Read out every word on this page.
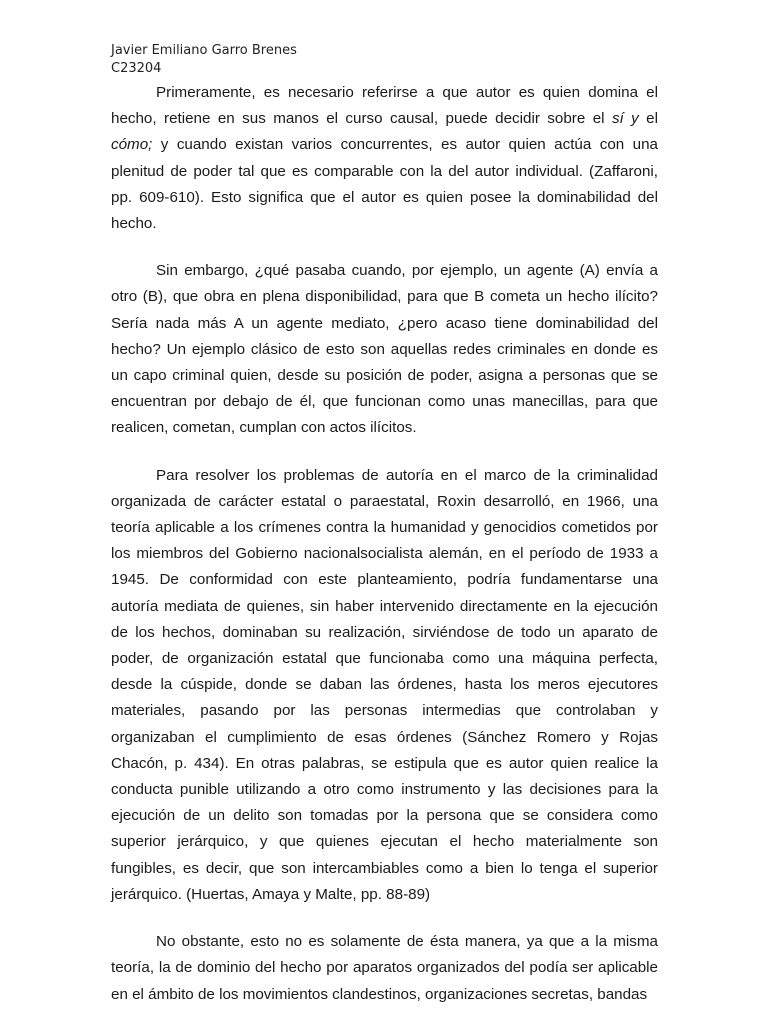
Javier Emiliano Garro Brenes
C23204

Primeramente, es necesario referirse a que autor es quien domina el hecho, retiene en sus manos el curso causal, puede decidir sobre el sí y el cómo; y cuando existan varios concurrentes, es autor quien actúa con una plenitud de poder tal que es comparable con la del autor individual. (Zaffaroni, pp. 609-610). Esto significa que el autor es quien posee la dominabilidad del hecho.

Sin embargo, ¿qué pasaba cuando, por ejemplo, un agente (A) envía a otro (B), que obra en plena disponibilidad, para que B cometa un hecho ilícito? Sería nada más A un agente mediato, ¿pero acaso tiene dominabilidad del hecho? Un ejemplo clásico de esto son aquellas redes criminales en donde es un capo criminal quien, desde su posición de poder, asigna a personas que se encuentran por debajo de él, que funcionan como unas manecillas, para que realicen, cometan, cumplan con actos ilícitos.

Para resolver los problemas de autoría en el marco de la criminalidad organizada de carácter estatal o paraestatal, Roxin desarrolló, en 1966, una teoría aplicable a los crímenes contra la humanidad y genocidios cometidos por los miembros del Gobierno nacionalsocialista alemán, en el período de 1933 a 1945. De conformidad con este planteamiento, podría fundamentarse una autoría mediata de quienes, sin haber intervenido directamente en la ejecución de los hechos, dominaban su realización, sirviéndose de todo un aparato de poder, de organización estatal que funcionaba como una máquina perfecta, desde la cúspide, donde se daban las órdenes, hasta los meros ejecutores materiales, pasando por las personas intermedias que controlaban y organizaban el cumplimiento de esas órdenes (Sánchez Romero y Rojas Chacón, p. 434). En otras palabras, se estipula que es autor quien realice la conducta punible utilizando a otro como instrumento y las decisiones para la ejecución de un delito son tomadas por la persona que se considera como superior jerárquico, y que quienes ejecutan el hecho materialmente son fungibles, es decir, que son intercambiables como a bien lo tenga el superior jerárquico. (Huertas, Amaya y Malte, pp. 88-89)

No obstante, esto no es solamente de ésta manera, ya que a la misma teoría, la de dominio del hecho por aparatos organizados del podía ser aplicable en el ámbito de los movimientos clandestinos, organizaciones secretas, bandas
